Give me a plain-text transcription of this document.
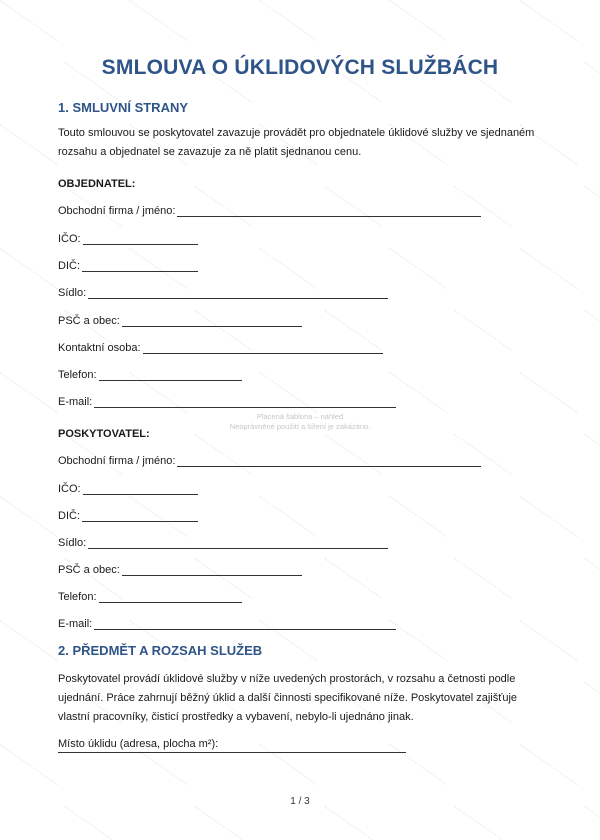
SMLOUVA O ÚKLIDOVÝCH SLUŽBÁCH
1. SMLUVNÍ STRANY
Touto smlouvou se poskytovatel zavazuje provádět pro objednatele úklidové služby ve sjednaném
rozsahu a objednatel se zavazuje za ně platit sjednanou cenu.
OBJEDNATEL:
Obchodní firma / jméno:
IČO:
DIČ:
Sídlo:
PSČ a obec:
Kontaktní osoba:
Telefon:
E-mail:
Placená šablona – náhled
Neoprávněné použití a šíření je zakázáno.
POSKYTOVATEL:
Obchodní firma / jméno:
IČO:
DIČ:
Sídlo:
PSČ a obec:
Telefon:
E-mail:
2. PŘEDMĚT A ROZSAH SLUŽEB
Poskytovatel provádí úklidové služby v níže uvedených prostorách, v rozsahu a četnosti podle
ujednání. Práce zahrnují běžný úklid a další činnosti specifikované níže. Poskytovatel zajišťuje
vlastní pracovníky, čisticí prostředky a vybavení, nebylo-li ujednáno jinak.
Místo úklidu (adresa, plocha m²):
1 / 3
